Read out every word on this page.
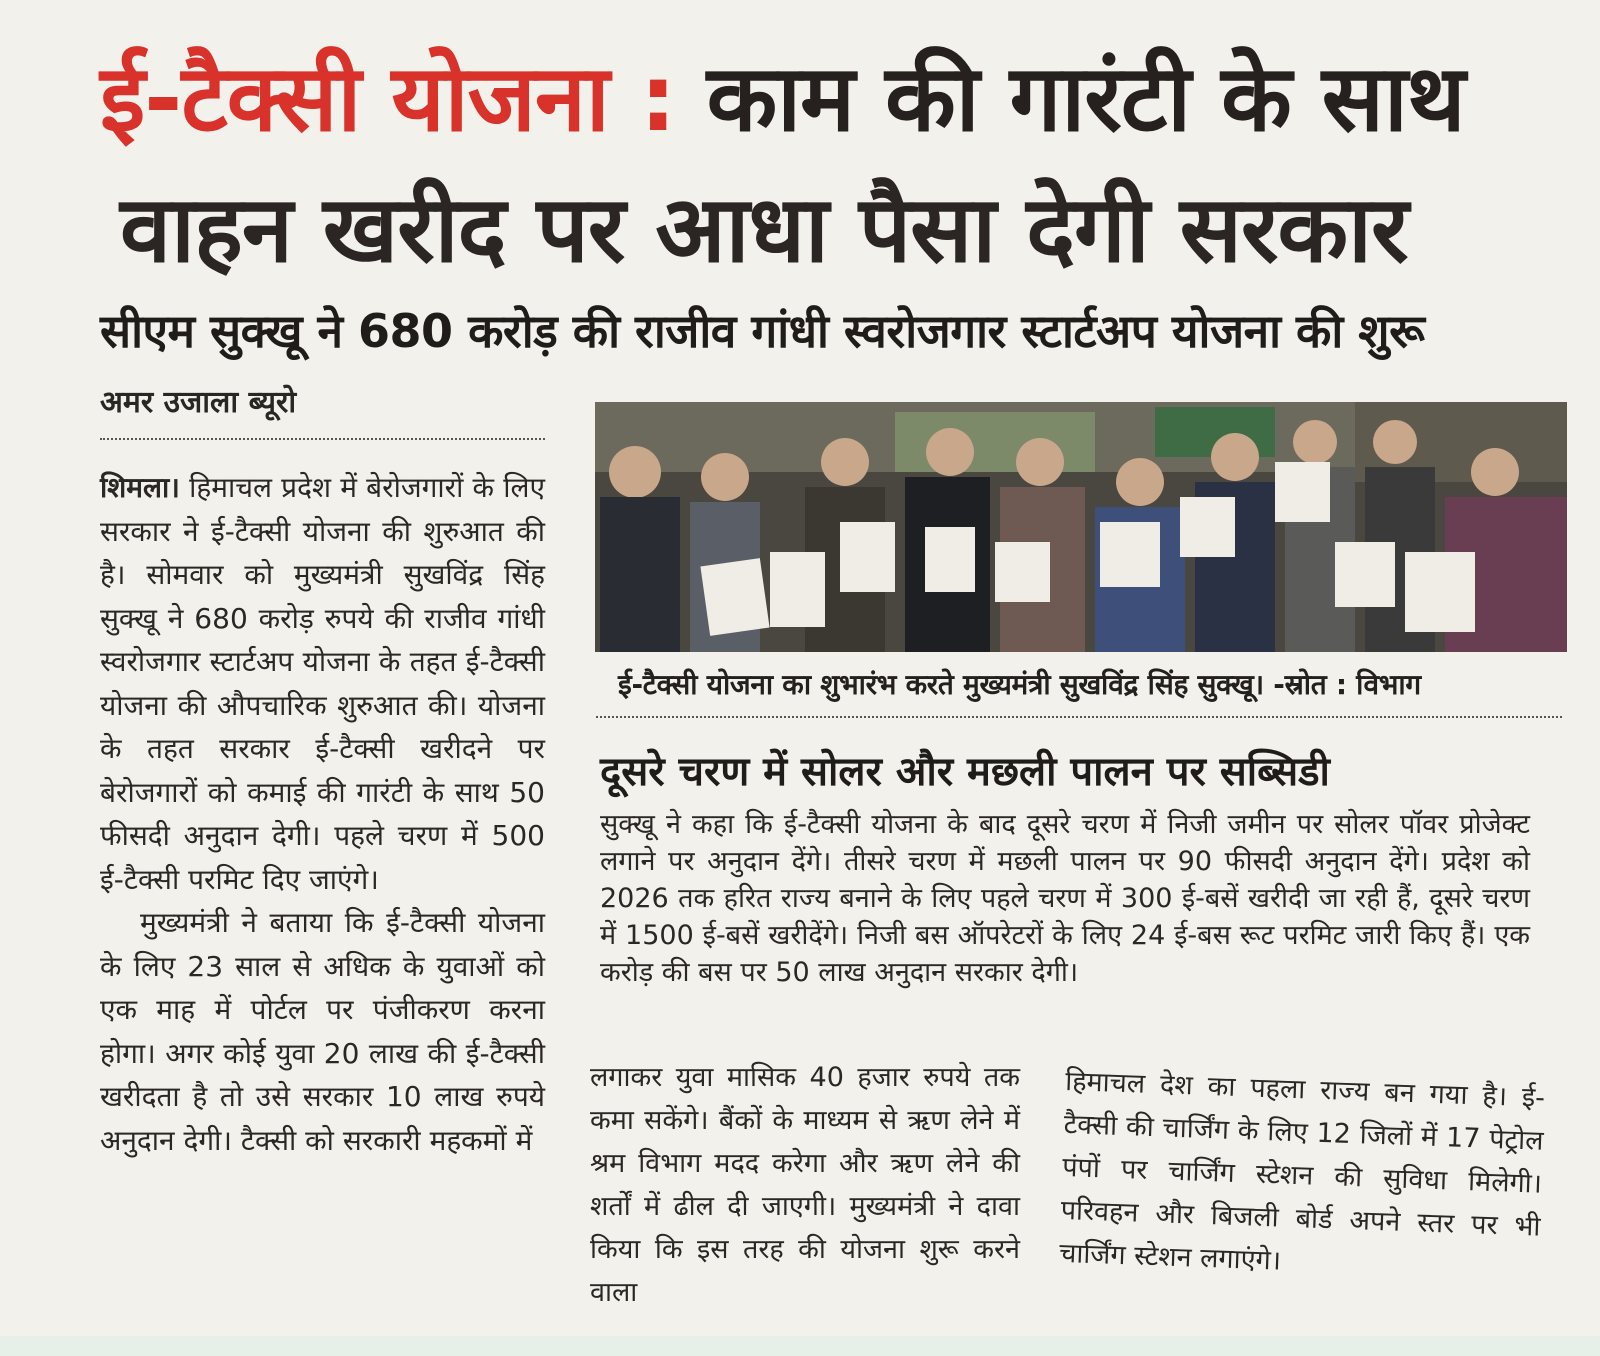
ई-टैक्सी योजना : काम की गारंटी के साथ
वाहन खरीद पर आधा पैसा देगी सरकार
सीएम सुक्खू ने 680 करोड़ की राजीव गांधी स्वरोजगार स्टार्टअप योजना की शुरू
अमर उजाला ब्यूरो

शिमला। हिमाचल प्रदेश में बेरोजगारों के लिए सरकार ने ई-टैक्सी योजना की शुरुआत की है। सोमवार को मुख्यमंत्री सुखविंद्र सिंह सुक्खू ने 680 करोड़ रुपये की राजीव गांधी स्वरोजगार स्टार्टअप योजना के तहत ई-टैक्सी योजना की औपचारिक शुरुआत की। योजना के तहत सरकार ई-टैक्सी खरीदने पर बेरोजगारों को कमाई की गारंटी के साथ 50 फीसदी अनुदान देगी। पहले चरण में 500 ई-टैक्सी परमिट दिए जाएंगे।

मुख्यमंत्री ने बताया कि ई-टैक्सी योजना के लिए 23 साल से अधिक के युवाओं को एक माह में पोर्टल पर पंजीकरण करना होगा। अगर कोई युवा 20 लाख की ई-टैक्सी खरीदता है तो उसे सरकार 10 लाख रुपये अनुदान देगी। टैक्सी को सरकारी महकमों में

ई-टैक्सी योजना का शुभारंभ करते मुख्यमंत्री सुखविंद्र सिंह सुक्खू। -स्रोत : विभाग
दूसरे चरण में सोलर और मछली पालन पर सब्सिडी
सुक्खू ने कहा कि ई-टैक्सी योजना के बाद दूसरे चरण में निजी जमीन पर सोलर पॉवर प्रोजेक्ट लगाने पर अनुदान देंगे। तीसरे चरण में मछली पालन पर 90 फीसदी अनुदान देंगे। प्रदेश को 2026 तक हरित राज्य बनाने के लिए पहले चरण में 300 ई-बसें खरीदी जा रही हैं, दूसरे चरण में 1500 ई-बसें खरीदेंगे। निजी बस ऑपरेटरों के लिए 24 ई-बस रूट परमिट जारी किए हैं। एक करोड़ की बस पर 50 लाख अनुदान सरकार देगी।
लगाकर युवा मासिक 40 हजार रुपये तक कमा सकेंगे। बैंकों के माध्यम से ऋण लेने में श्रम विभाग मदद करेगा और ऋण लेने की शर्तों में ढील दी जाएगी। मुख्यमंत्री ने दावा किया कि इस तरह की योजना शुरू करने वाला
हिमाचल देश का पहला राज्य बन गया है। ई-टैक्सी की चार्जिंग के लिए 12 जिलों में 17 पेट्रोल पंपों पर चार्जिंग स्टेशन की सुविधा मिलेगी। परिवहन और बिजली बोर्ड अपने स्तर पर भी चार्जिंग स्टेशन लगाएंगे।
